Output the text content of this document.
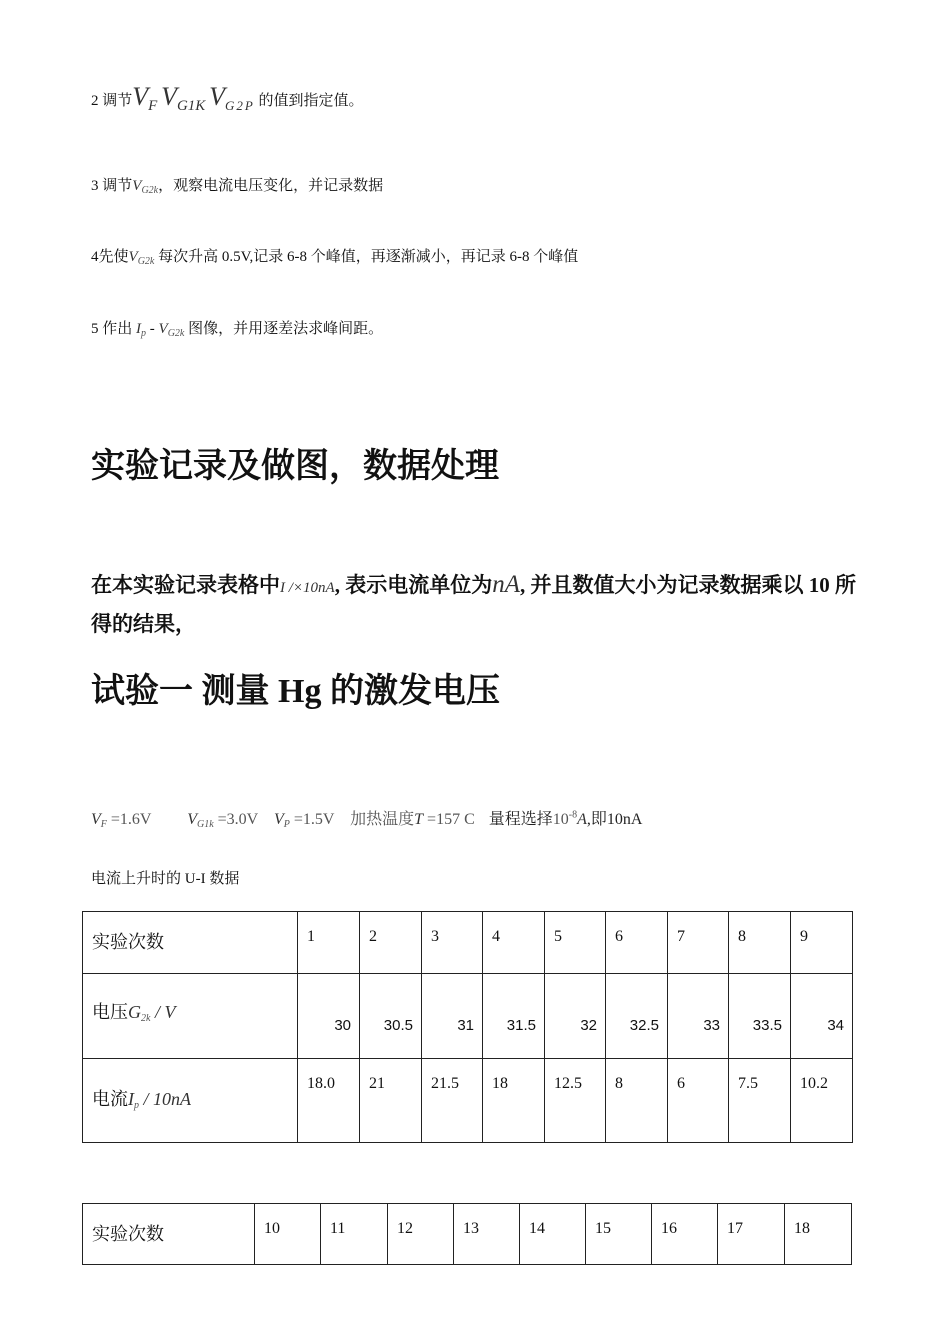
2 调节VF VG1K VG2P 的值到指定值。
3 调节$V_{G2k}$，观察电流电压变化，并记录数据
4先使$V_{G2k}$ 每次升高 0.5V,记录 6-8 个峰值，再逐渐减小，再记录 6-8 个峰值
5 作出 $I_p - V_{G2k}$ 图像，并用逐差法求峰间距。
实验记录及做图，数据处理
在本实验记录表格中I /×10nA, 表示电流单位为nA, 并且数值大小为记录数据乘以 10 所得的结果，
试验一 测量 Hg 的激发电压
$V_F =1.6V$ $V_{G1k} =3.0V$ $V_P =1.5V$ 加热温度T =157 C 量程选择$10^{-8}A$,即10nA
电流上升时的 U-I 数据
实验次数	1	2	3	4	5	6	7	8	9

电压$G_{2k}$ / V	30	30.5	31	31.5	32	32.5	33	33.5	34

电流$I_p / 10nA$	18.0	21	21.5	18	12.5	8	6	7.5	10.2
实验次数	10	11	12	13	14	15	16	17	18
